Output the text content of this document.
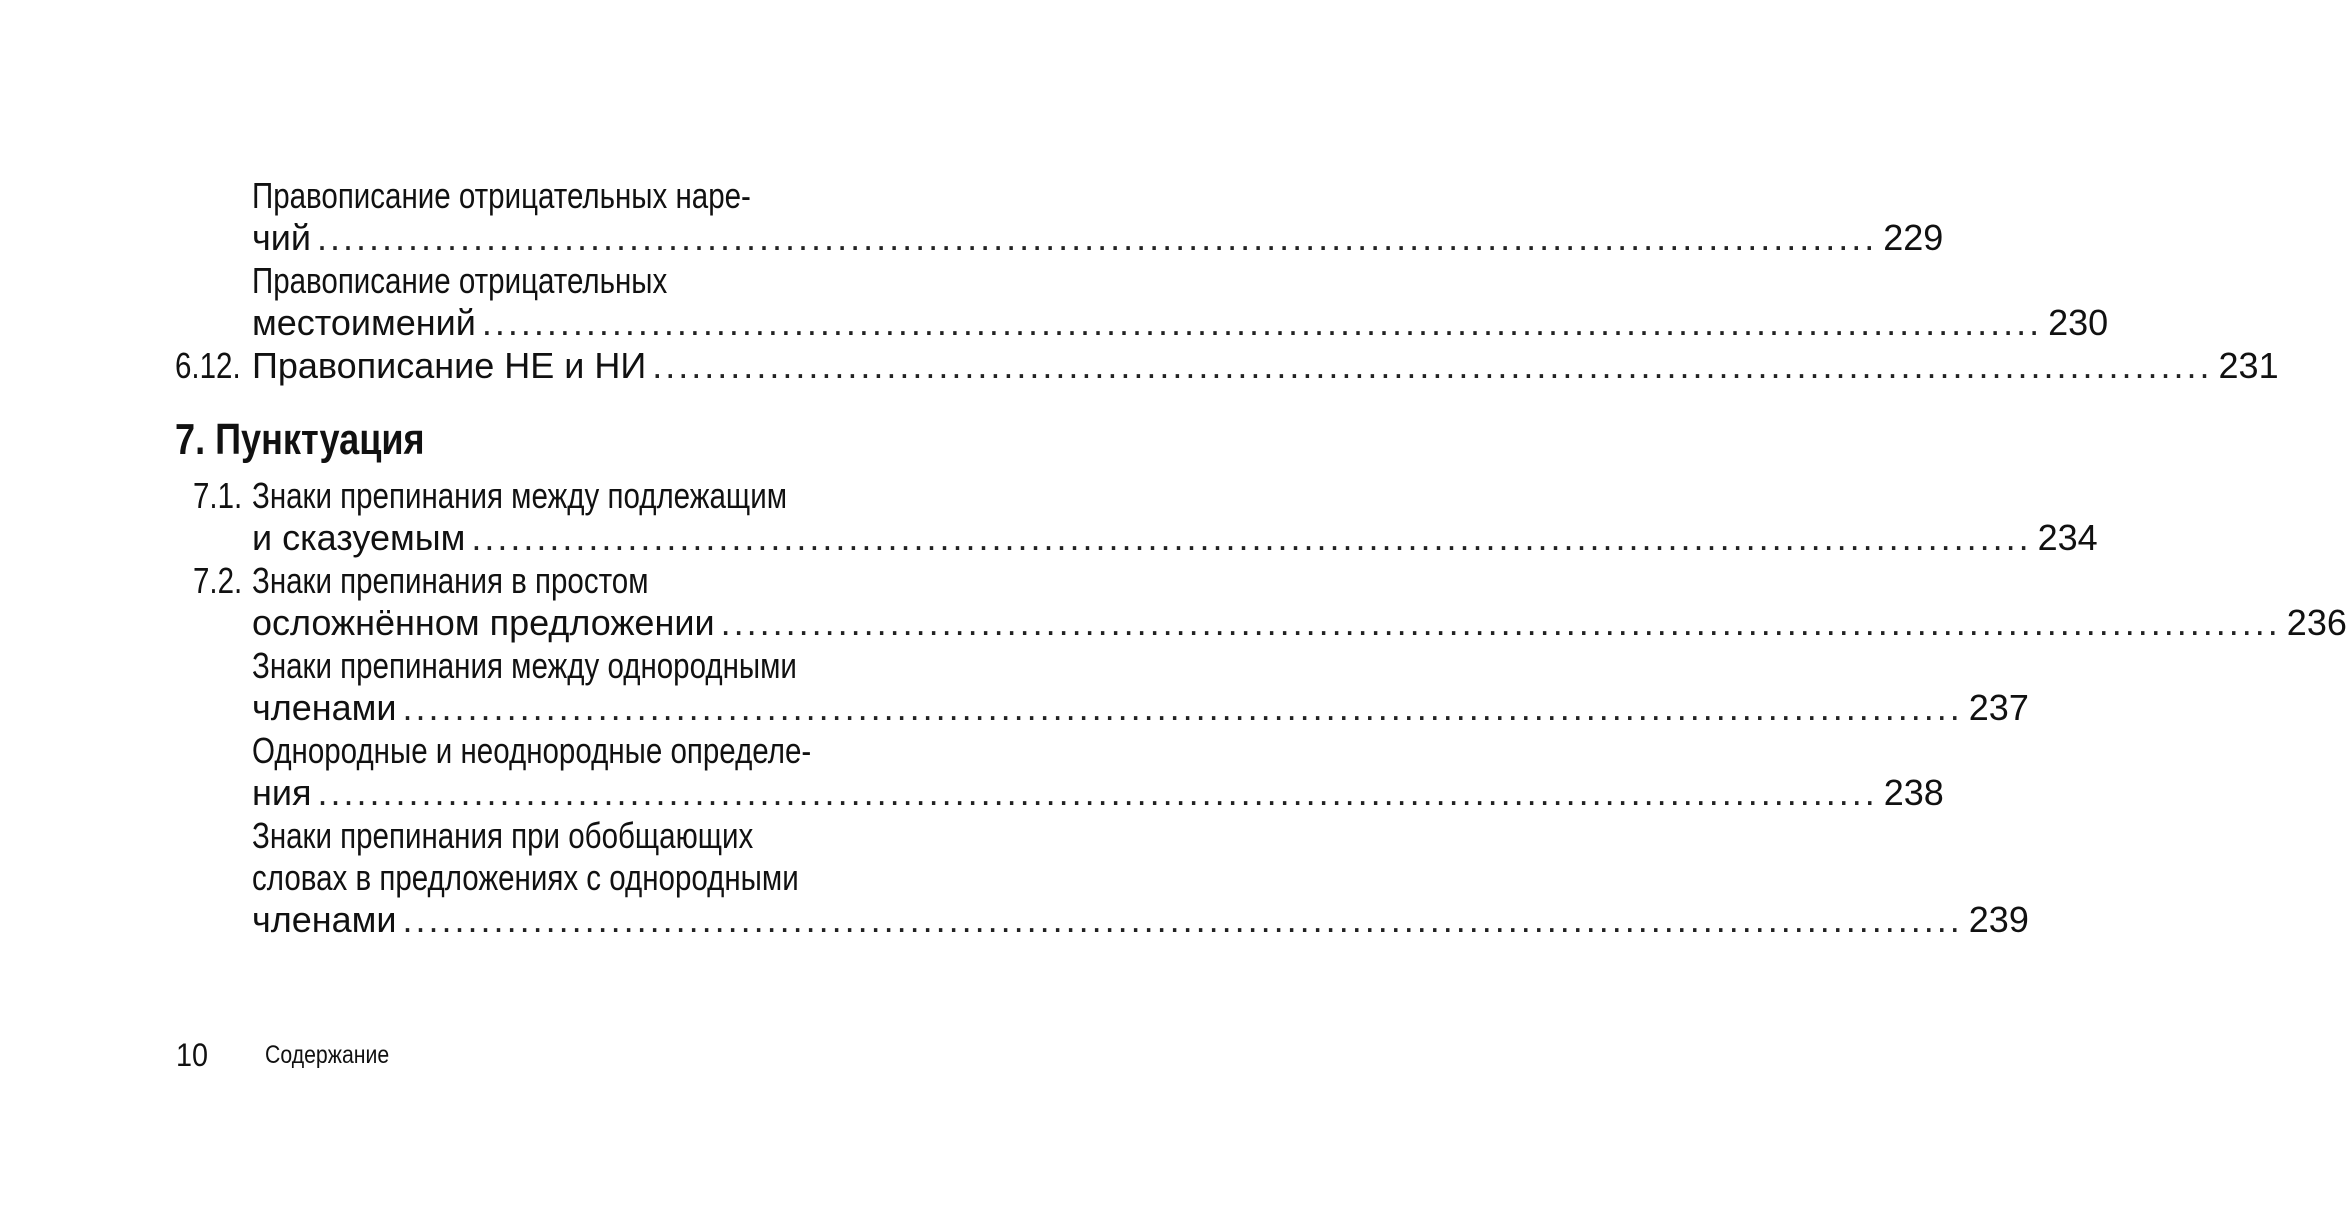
Правописание отрицательных наре-
чий ........................................................................................................................ 229
Правописание отрицательных
местоимений ........................................................................................................................ 230
6.12. Правописание НЕ и НИ ........................................................................................................................ 231
7. Пунктуация
7.1. Знаки препинания между подлежащим
и сказуемым ........................................................................................................................ 234
7.2. Знаки препинания в простом
осложнённом предложении ........................................................................................................................ 236
Знаки препинания между однородными
членами ........................................................................................................................ 237
Однородные и неоднородные определе-
ния ........................................................................................................................ 238
Знаки препинания при обобщающих
словах в предложениях с однородными
членами ........................................................................................................................ 239
10 Содержание
